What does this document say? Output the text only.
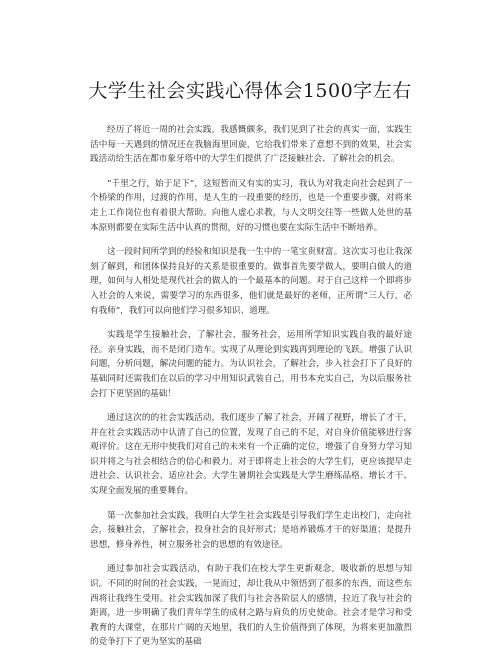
大学生社会实践心得体会1500字左右

经历了将近一周的社会实践，我感慨颇多，我们见到了社会的真实一面，实践生活中每一天遇到的情况还在我脑海里回旋，它给我们带来了意想不到的效果，社会实践活动给生活在都市象牙塔中的大学生们提供了广泛接触社会、了解社会的机会。

“千里之行，始于足下”，这短暂而又有实的实习，我认为对我走向社会起到了一个桥梁的作用，过渡的作用，是人生的一段重要的经历，也是一个重要步骤，对将来走上工作岗位也有着很大帮助。向他人虚心求教，与人文明交往等一些做人处世的基本原则都要在实际生活中认真的贯彻，好的习惯也要在实际生活中不断培养。

这一段时间所学到的经验和知识是我一生中的一笔宝贵财富。这次实习也让我深刻了解到，和团体保持良好的关系是很重要的。做事首先要学做人，要明白做人的道理，如何与人相处是现代社会的做人的一个最基本的问题。对于自己这样一个即将步入社会的人来说，需要学习的东西很多，他们就是最好的老师，正所谓“三人行，必有我师”，我们可以向他们学习很多知识、道理。

实践是学生接触社会，了解社会，服务社会，运用所学知识实践自我的最好途径。亲身实践，而不是闭门造车。实现了从理论到实践再到理论的飞跃。增强了认识问题，分析问题，解决问题的能力。为认识社会，了解社会，步入社会打下了良好的基础同时还需我们在以后的学习中用知识武装自己，用书本充实自己，为以后服务社会打下更坚固的基础！

通过这次的的社会实践活动，我们逐步了解了社会，开阔了视野，增长了才干，并在社会实践活动中认清了自己的位置，发现了自己的不足，对自身价值能够进行客观评价。这在无形中使我们对自己的未来有一个正确的定位，增强了自身努力学习知识并将之与社会相结合的信心和毅力。对于即将走上社会的大学生们，更应该提早走进社会、认识社会、适应社会。大学生暑期社会实践是大学生磨练品格、增长才干、实现全面发展的重要舞台。

第一次参加社会实践，我明白大学生社会实践是引导我们学生走出校门，走向社会，接触社会，了解社会，投身社会的良好形式；是培养锻炼才干的好渠道；是提升思想，修身养性，树立服务社会的思想的有效途径。

通过参加社会实践活动，有助于我们在校大学生更新观念，吸收新的思想与知识。不同的时间的社会实践，一晃而过，却让我从中领悟到了很多的东西，而这些东西将让我终生受用。社会实践加深了我们与社会各阶层人的感情，拉近了我与社会的距离，进一步明确了我们青年学生的成材之路与肩负的历史使命。社会才是学习和受教育的大课堂，在那片广阔的天地里，我们的人生价值得到了体现，为将来更加激烈的竞争打下了更为坚实的基础
